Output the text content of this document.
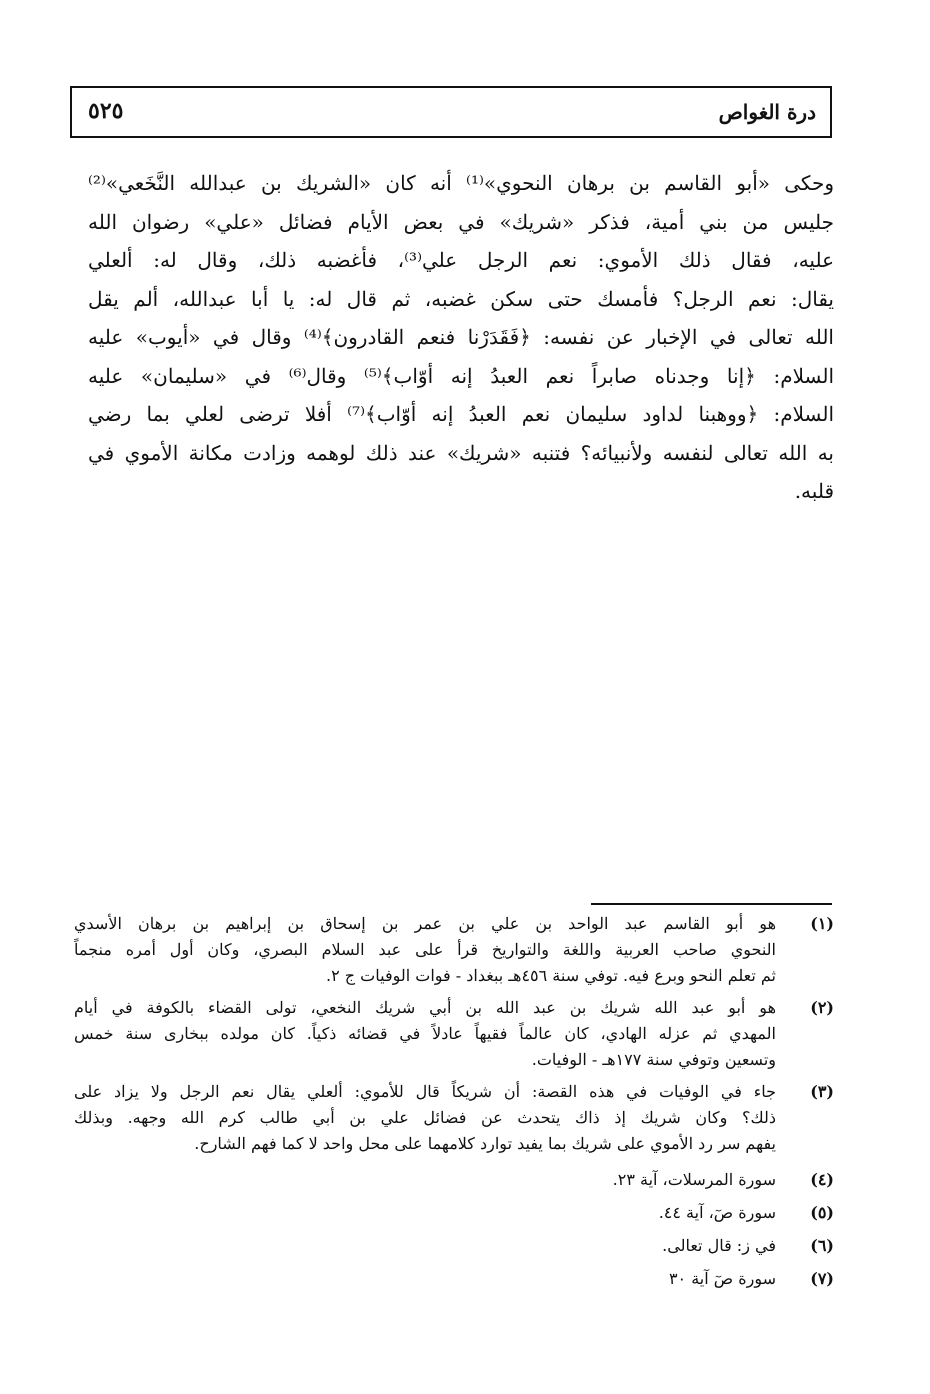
درة الغواص
٥٢٥
وحكى «أبو القاسم بن برهان النحوي»⁽¹⁾ أنه كان «الشريك بن عبدالله النَّخَعي»⁽²⁾
جليس من بني أمية، فذكر «شريك» في بعض الأيام فضائل «علي» رضوان الله
عليه، فقال ذلك الأموي: نعم الرجل علي⁽³⁾، فأغضبه ذلك، وقال له: ألعلي
يقال: نعم الرجل؟ فأمسك حتى سكن غضبه، ثم قال له: يا أبا عبدالله، ألم يقل
الله تعالى في الإخبار عن نفسه: ﴿فَقَدَرْنا فنعم القادرون﴾⁽⁴⁾ وقال في «أيوب» عليه
السلام: ﴿إنا وجدناه صابراً نعم العبدُ إنه أوّاب﴾⁽⁵⁾ وقال⁽⁶⁾ في «سليمان» عليه
السلام: ﴿ووهبنا لداود سليمان نعم العبدُ إنه أوّاب﴾⁽⁷⁾ أفلا ترضى لعلي بما رضي
به الله تعالى لنفسه ولأنبيائه؟ فتنبه «شريك» عند ذلك لوهمه وزادت مكانة الأموي في
قلبه.
(١)
هو أبو القاسم عبد الواحد بن علي بن عمر بن إسحاق بن إبراهيم بن برهان الأسدي
النحوي صاحب العربية واللغة والتواريخ قرأ على عبد السلام البصري، وكان أول أمره منجماً
ثم تعلم النحو وبرع فيه. توفي سنة ٤٥٦هـ ببغداد - فوات الوفيات ج ٢.
(٢)
هو أبو عبد الله شريك بن عبد الله بن أبي شريك النخعي، تولى القضاء بالكوفة في أيام
المهدي ثم عزله الهادي، كان عالماً فقيهاً عادلاً في قضائه ذكياً. كان مولده ببخارى سنة خمس
وتسعين وتوفي سنة ١٧٧هـ - الوفيات.
(٣)
جاء في الوفيات في هذه القصة: أن شريكاً قال للأموي: ألعلي يقال نعم الرجل ولا يزاد على
ذلك؟ وكان شريك إذ ذاك يتحدث عن فضائل علي بن أبي طالب كرم الله وجهه. وبذلك
يفهم سر رد الأموي على شريك بما يفيد توارد كلامهما على محل واحد لا كما فهم الشارح.
(٤)
سورة المرسلات، آية ٢٣.
(٥)
سورة صٓ، آية ٤٤.
(٦)
في ز: قال تعالى.
(٧)
سورة صٓ آية ٣٠
